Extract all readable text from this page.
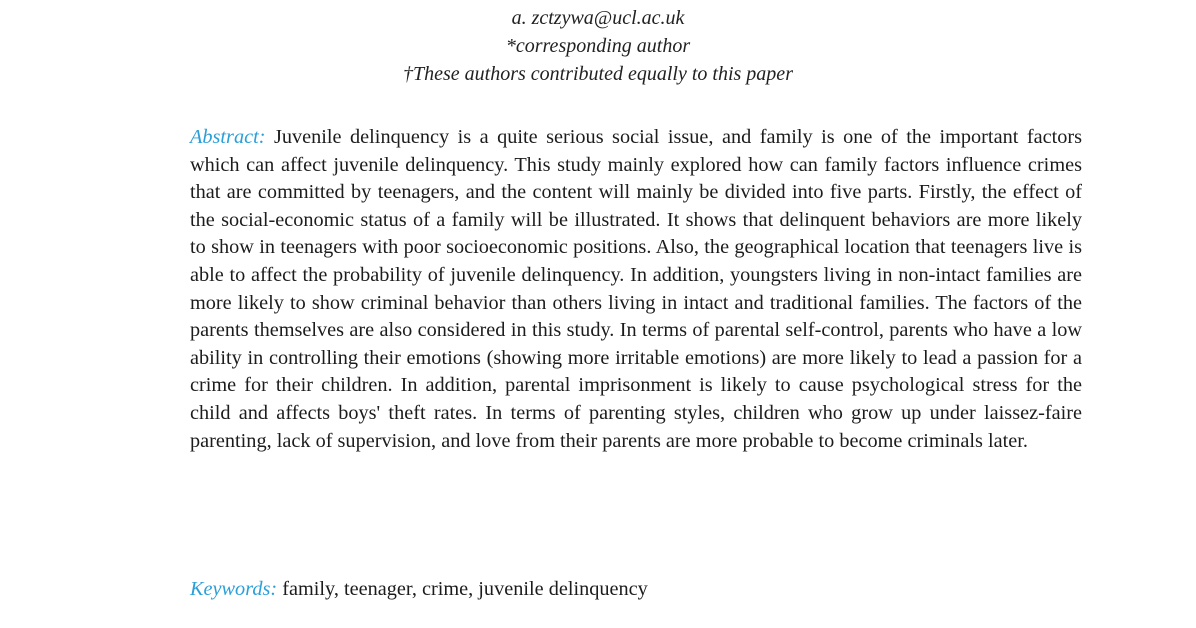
a. zctzywa@ucl.ac.uk
*corresponding author
†These authors contributed equally to this paper
Abstract: Juvenile delinquency is a quite serious social issue, and family is one of the important factors which can affect juvenile delinquency. This study mainly explored how can family factors influence crimes that are committed by teenagers, and the content will mainly be divided into five parts. Firstly, the effect of the social-economic status of a family will be illustrated. It shows that delinquent behaviors are more likely to show in teenagers with poor socioeconomic positions. Also, the geographical location that teenagers live is able to affect the probability of juvenile delinquency. In addition, youngsters living in non-intact families are more likely to show criminal behavior than others living in intact and traditional families. The factors of the parents themselves are also considered in this study. In terms of parental self-control, parents who have a low ability in controlling their emotions (showing more irritable emotions) are more likely to lead a passion for a crime for their children. In addition, parental imprisonment is likely to cause psychological stress for the child and affects boys' theft rates. In terms of parenting styles, children who grow up under laissez-faire parenting, lack of supervision, and love from their parents are more probable to become criminals later.
Keywords: family, teenager, crime, juvenile delinquency
